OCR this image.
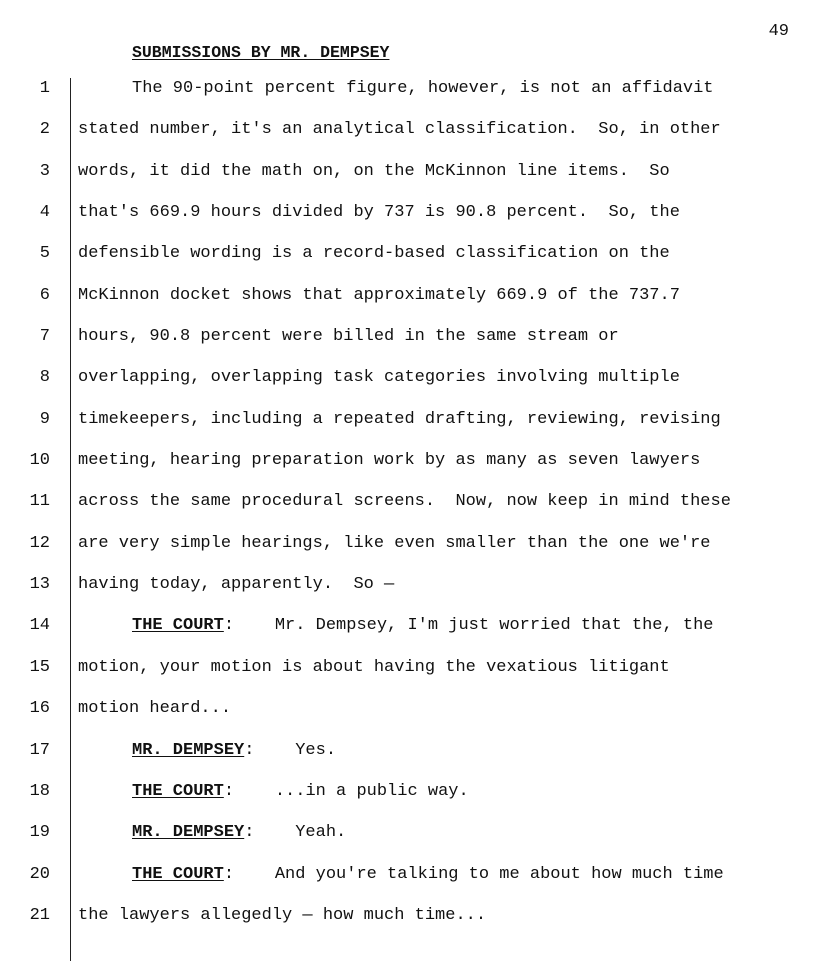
49
SUBMISSIONS BY MR. DEMPSEY
1	The 90-point percent figure, however, is not an affidavit
2 stated number, it's an analytical classification.  So, in other
3 words, it did the math on, on the McKinnon line items.  So
4 that's 669.9 hours divided by 737 is 90.8 percent.  So, the
5 defensible wording is a record-based classification on the
6 McKinnon docket shows that approximately 669.9 of the 737.7
7 hours, 90.8 percent were billed in the same stream or
8 overlapping, overlapping task categories involving multiple
9 timekeepers, including a repeated drafting, reviewing, revising
10 meeting, hearing preparation work by as many as seven lawyers
11 across the same procedural screens.  Now, now keep in mind these
12 are very simple hearings, like even smaller than the one we're
13 having today, apparently.  So —
14	THE COURT:    Mr. Dempsey, I'm just worried that the, the
15 motion, your motion is about having the vexatious litigant
16 motion heard...
17	MR. DEMPSEY:    Yes.
18	THE COURT:    ...in a public way.
19	MR. DEMPSEY:    Yeah.
20	THE COURT:    And you're talking to me about how much time
21 the lawyers allegedly — how much time...
